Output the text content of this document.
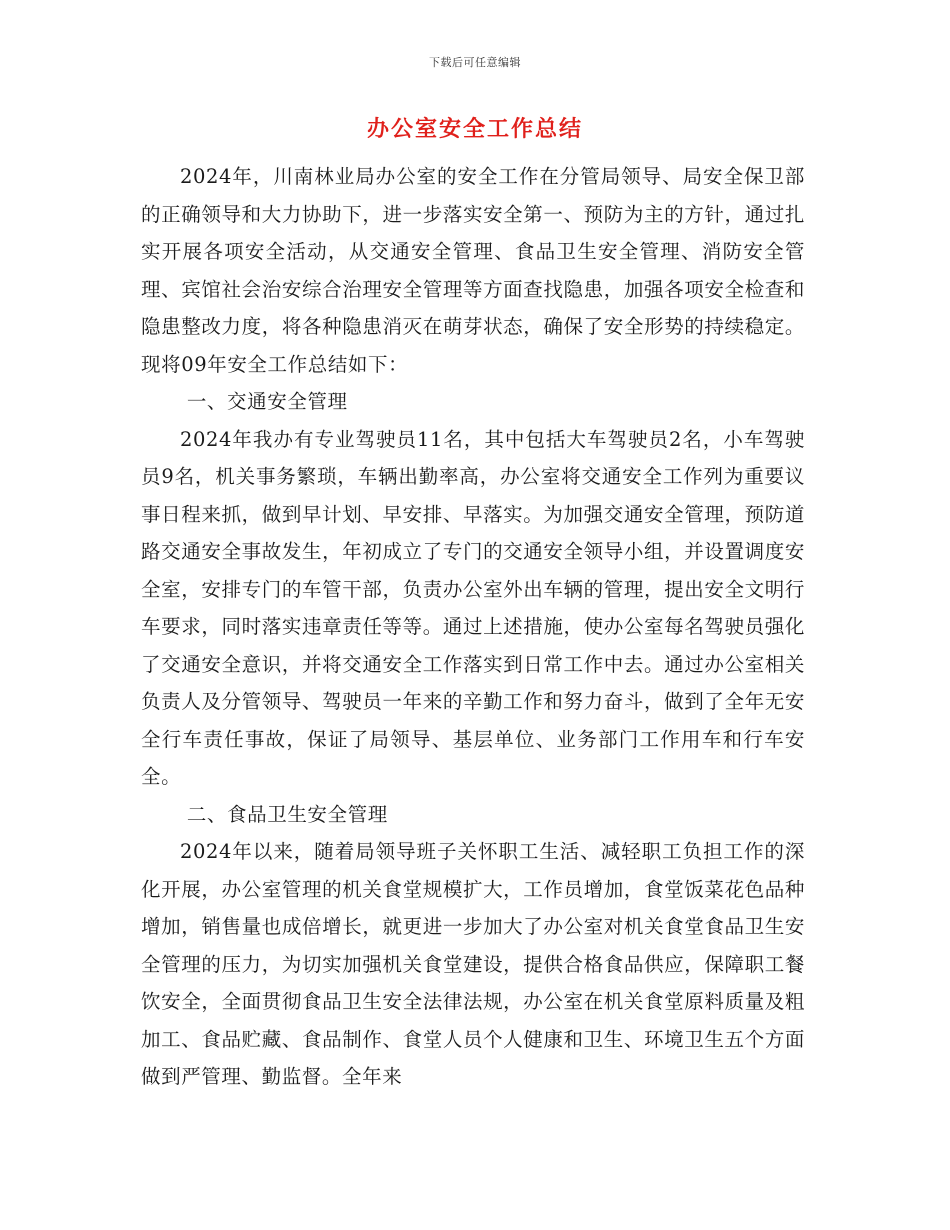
下载后可任意编辑
办公室安全工作总结

2024年，川南林业局办公室的安全工作在分管局领导、局安全保卫部的正确领导和大力协助下，进一步落实安全第一、预防为主的方针，通过扎实开展各项安全活动，从交通安全管理、食品卫生安全管理、消防安全管理、宾馆社会治安综合治理安全管理等方面查找隐患，加强各项安全检查和隐患整改力度，将各种隐患消灭在萌芽状态，确保了安全形势的持续稳定。现将09年安全工作总结如下：

一、交通安全管理

2024年我办有专业驾驶员11名，其中包括大车驾驶员2名，小车驾驶员9名，机关事务繁琐，车辆出勤率高，办公室将交通安全工作列为重要议事日程来抓，做到早计划、早安排、早落实。为加强交通安全管理，预防道路交通安全事故发生，年初成立了专门的交通安全领导小组，并设置调度安全室，安排专门的车管干部，负责办公室外出车辆的管理，提出安全文明行车要求，同时落实违章责任等等。通过上述措施，使办公室每名驾驶员强化了交通安全意识，并将交通安全工作落实到日常工作中去。通过办公室相关负责人及分管领导、驾驶员一年来的辛勤工作和努力奋斗，做到了全年无安全行车责任事故，保证了局领导、基层单位、业务部门工作用车和行车安全。

二、食品卫生安全管理

2024年以来，随着局领导班子关怀职工生活、减轻职工负担工作的深化开展，办公室管理的机关食堂规模扩大，工作员增加，食堂饭菜花色品种增加，销售量也成倍增长，就更进一步加大了办公室对机关食堂食品卫生安全管理的压力，为切实加强机关食堂建设，提供合格食品供应，保障职工餐饮安全，全面贯彻食品卫生安全法律法规，办公室在机关食堂原料质量及粗加工、食品贮藏、食品制作、食堂人员个人健康和卫生、环境卫生五个方面做到严管理、勤监督。全年来
